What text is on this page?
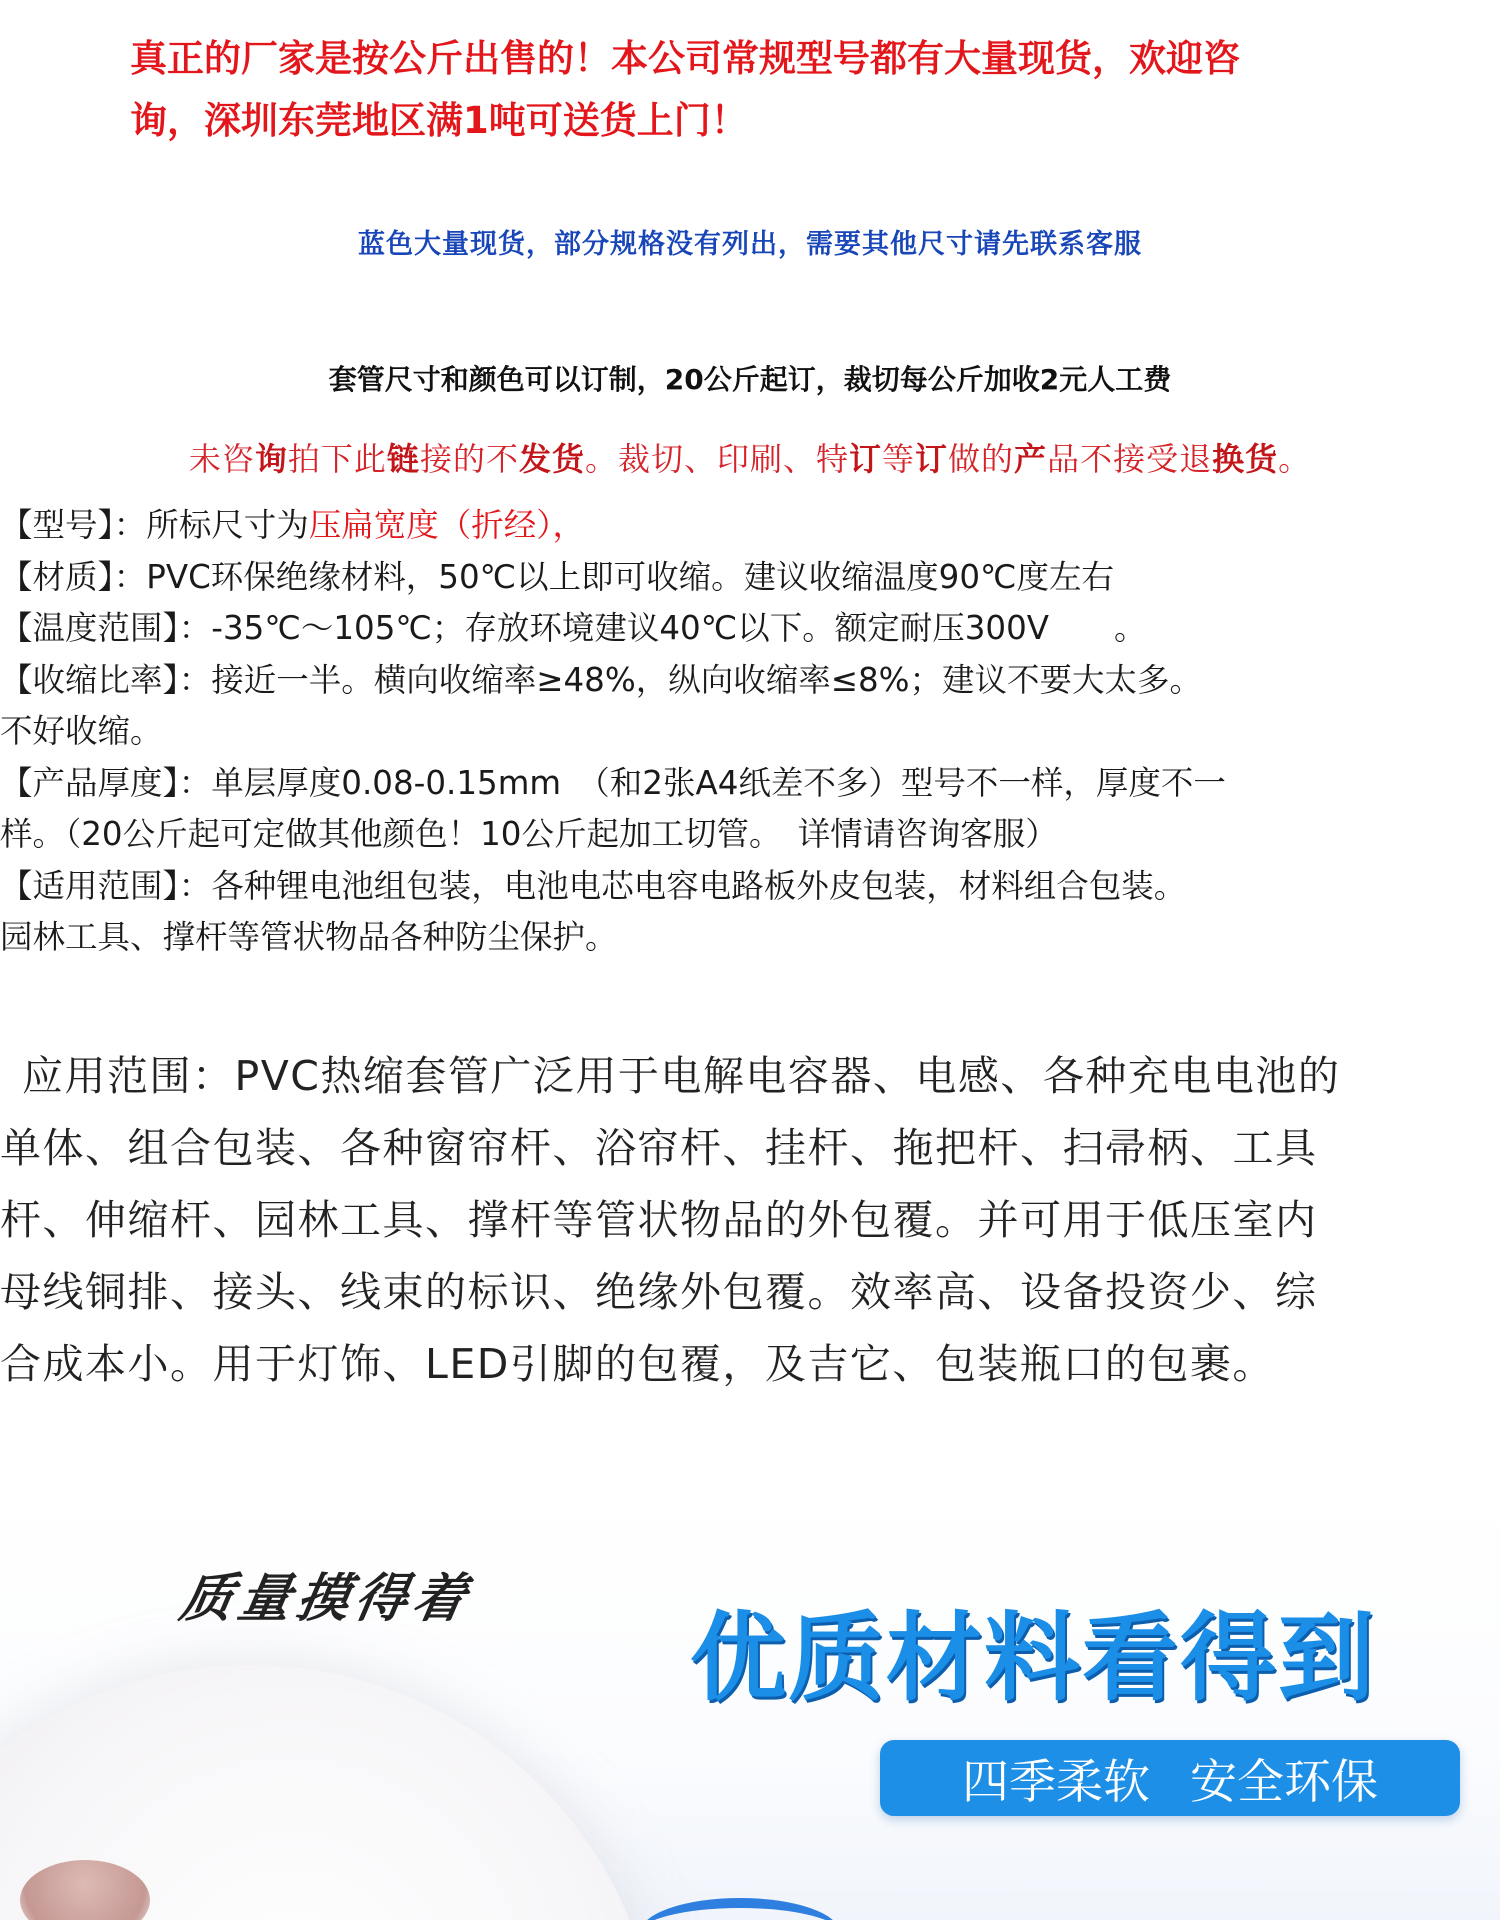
真正的厂家是按公斤出售的！本公司常规型号都有大量现货，欢迎咨
询，深圳东莞地区满1吨可送货上门！
蓝色大量现货，部分规格没有列出，需要其他尺寸请先联系客服
套管尺寸和颜色可以订制，20公斤起订，裁切每公斤加收2元人工费
未咨询拍下此链接的不发货。裁切、印刷、特订等订做的产品不接受退换货。
【型号】：所标尺寸为压扁宽度（折经），
【材质】：PVC环保绝缘材料，50℃以上即可收缩。建议收缩温度90℃度左右
【温度范围】：-35℃～105℃；存放环境建议40℃以下。额定耐压300V　　。
【收缩比率】：接近一半。横向收缩率≥48%，纵向收缩率≤8%；建议不要大太多。
不好收缩。
【产品厚度】：单层厚度0.08-0.15mm　（和2张A4纸差不多）型号不一样，厚度不一
样。（20公斤起可定做其他颜色！10公斤起加工切管。　详情请咨询客服）
【适用范围】：各种锂电池组包装，电池电芯电容电路板外皮包装，材料组合包装。
园林工具、撑杆等管状物品各种防尘保护。
应用范围：PVC热缩套管广泛用于电解电容器、电感、各种充电电池的
单体、组合包装、各种窗帘杆、浴帘杆、挂杆、拖把杆、扫帚柄、工具
杆、伸缩杆、园林工具、撑杆等管状物品的外包覆。并可用于低压室内
母线铜排、接头、线束的标识、绝缘外包覆。效率高、设备投资少、综
合成本小。用于灯饰、LED引脚的包覆，及吉它、包装瓶口的包裹。
质量摸得着
优质材料看得到
四季柔软 安全环保
